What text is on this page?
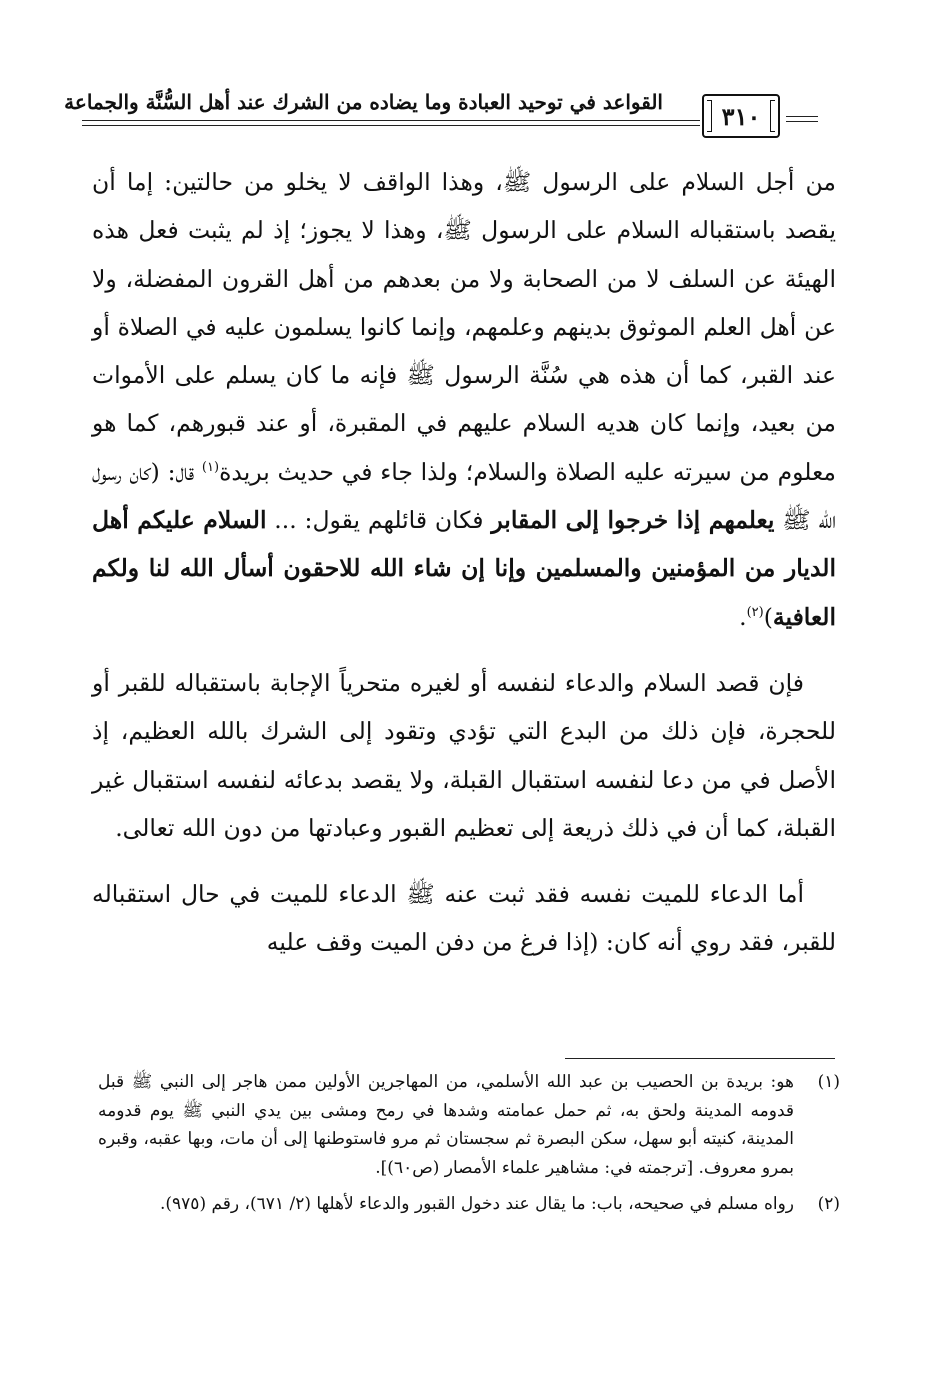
القواعد في توحيد العبادة وما يضاده من الشرك عند أهل السُّنَّة والجماعة ٣١٠

من أجل السلام على الرسول ﷺ، وهذا الواقف لا يخلو من حالتين: إما أن يقصد باستقباله السلام على الرسول ﷺ، وهذا لا يجوز؛ إذ لم يثبت فعل هذه الهيئة عن السلف لا من الصحابة ولا من بعدهم من أهل القرون المفضلة، ولا عن أهل العلم الموثوق بدينهم وعلمهم، وإنما كانوا يسلمون عليه في الصلاة أو عند القبر، كما أن هذه هي سُنَّة الرسول ﷺ فإنه ما كان يسلم على الأموات من بعيد، وإنما كان هديه السلام عليهم في المقبرة، أو عند قبورهم، كما هو معلوم من سيرته عليه الصلاة والسلام؛ ولذا جاء في حديث بريدة$^{(١)}$ قال: (كان رسول الله ﷺ يعلمهم إذا خرجوا إلى المقابر فكان قائلهم يقول: ... السلام عليكم أهل الديار من المؤمنين والمسلمين وإنا إن شاء الله للاحقون أسأل الله لنا ولكم العافية)$^{(٢)}$.

فإن قصد السلام والدعاء لنفسه أو لغيره متحرياً الإجابة باستقباله للقبر أو للحجرة، فإن ذلك من البدع التي تؤدي وتقود إلى الشرك بالله العظيم، إذ الأصل في من دعا لنفسه استقبال القبلة، ولا يقصد بدعائه لنفسه استقبال غير القبلة، كما أن في ذلك ذريعة إلى تعظيم القبور وعبادتها من دون الله تعالى.

أما الدعاء للميت نفسه فقد ثبت عنه ﷺ الدعاء للميت في حال استقباله للقبر، فقد روي أنه كان: (إذا فرغ من دفن الميت وقف عليه

(١)
هو: بريدة بن الحصيب بن عبد الله الأسلمي، من المهاجرين الأولين ممن هاجر إلى النبي ﷺ قبل قدومه المدينة ولحق به، ثم حمل عمامته وشدها في رمح ومشى بين يدي النبي ﷺ يوم قدومه المدينة، كنيته أبو سهل، سكن البصرة ثم سجستان ثم مرو فاستوطنها إلى أن مات، وبها عقبه، وقبره بمرو معروف. [ترجمته في: مشاهير علماء الأمصار (ص٦٠)].
(٢)
رواه مسلم في صحيحه، باب: ما يقال عند دخول القبور والدعاء لأهلها (٢/ ٦٧١)، رقم (٩٧٥).
